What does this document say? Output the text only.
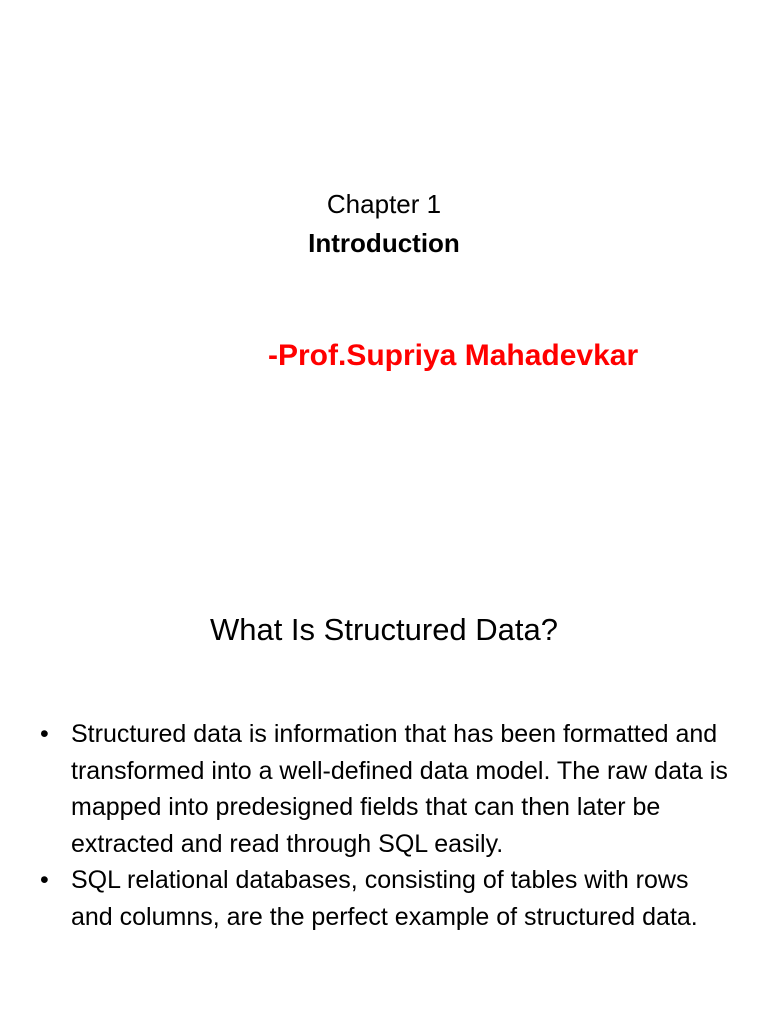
Chapter 1
Introduction
-Prof.Supriya Mahadevkar
What Is Structured Data?
• Structured data is information that has been formatted and transformed into a well-defined data model. The raw data is mapped into predesigned fields that can then later be extracted and read through SQL easily.
• SQL relational databases, consisting of tables with rows and columns, are the perfect example of structured data.
